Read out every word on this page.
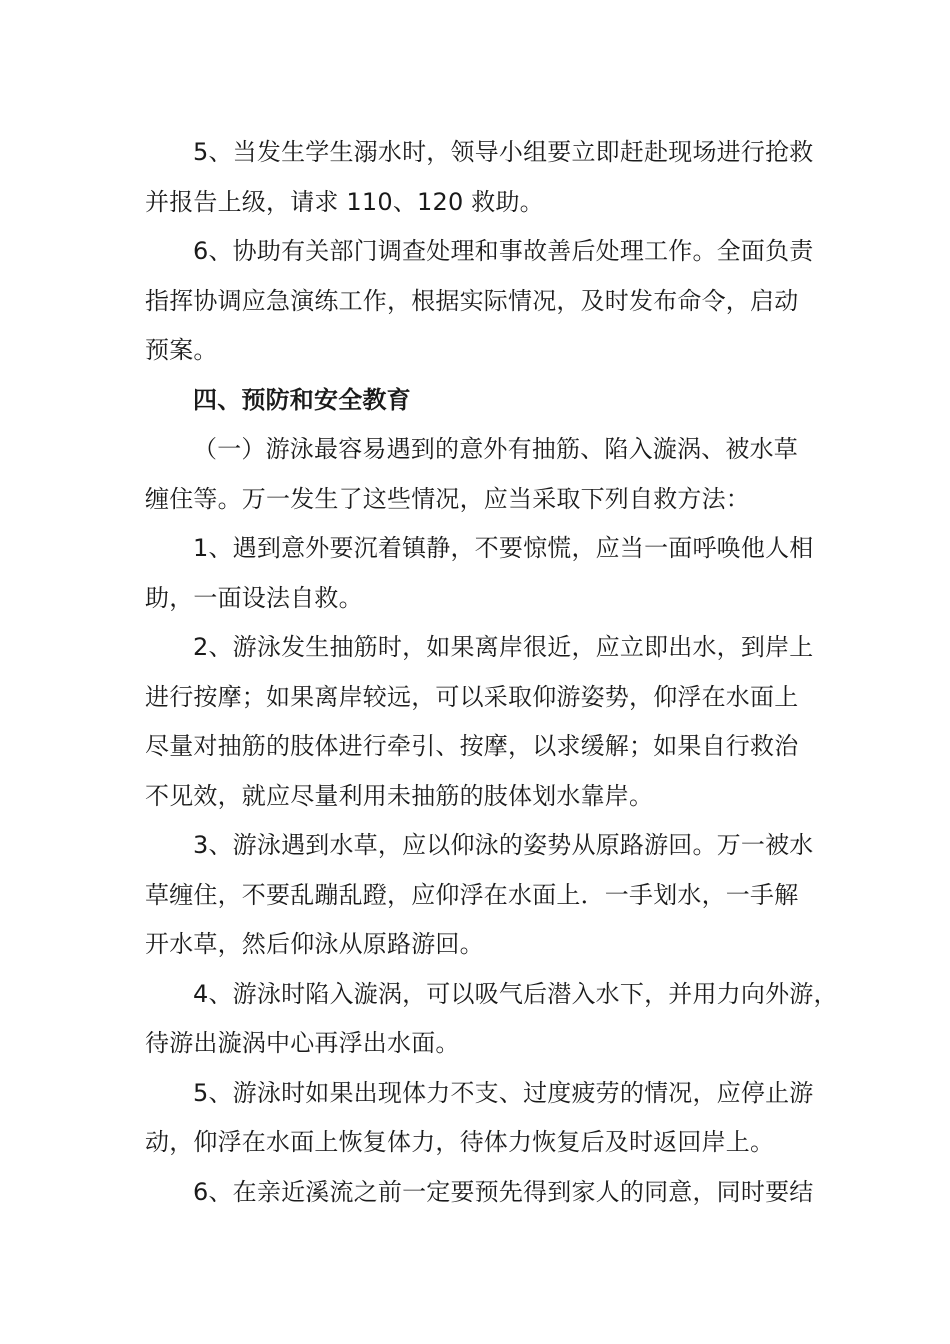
5、当发生学生溺水时，领导小组要立即赶赴现场进行抢救
并报告上级，请求 110、120 救助。
6、协助有关部门调查处理和事故善后处理工作。全面负责
指挥协调应急演练工作，根据实际情况，及时发布命令，启动
预案。
四、预防和安全教育
（一）游泳最容易遇到的意外有抽筋、陷入漩涡、被水草
缠住等。万一发生了这些情况，应当采取下列自救方法：
1、遇到意外要沉着镇静，不要惊慌，应当一面呼唤他人相
助，一面设法自救。
2、游泳发生抽筋时，如果离岸很近，应立即出水，到岸上
进行按摩；如果离岸较远，可以采取仰游姿势，仰浮在水面上
尽量对抽筋的肢体进行牵引、按摩，以求缓解；如果自行救治
不见效，就应尽量利用未抽筋的肢体划水靠岸。
3、游泳遇到水草，应以仰泳的姿势从原路游回。万一被水
草缠住，不要乱蹦乱蹬，应仰浮在水面上．一手划水，一手解
开水草，然后仰泳从原路游回。
4、游泳时陷入漩涡，可以吸气后潜入水下，并用力向外游，
待游出漩涡中心再浮出水面。
5、游泳时如果出现体力不支、过度疲劳的情况，应停止游
动，仰浮在水面上恢复体力，待体力恢复后及时返回岸上。
6、在亲近溪流之前一定要预先得到家人的同意，同时要结
